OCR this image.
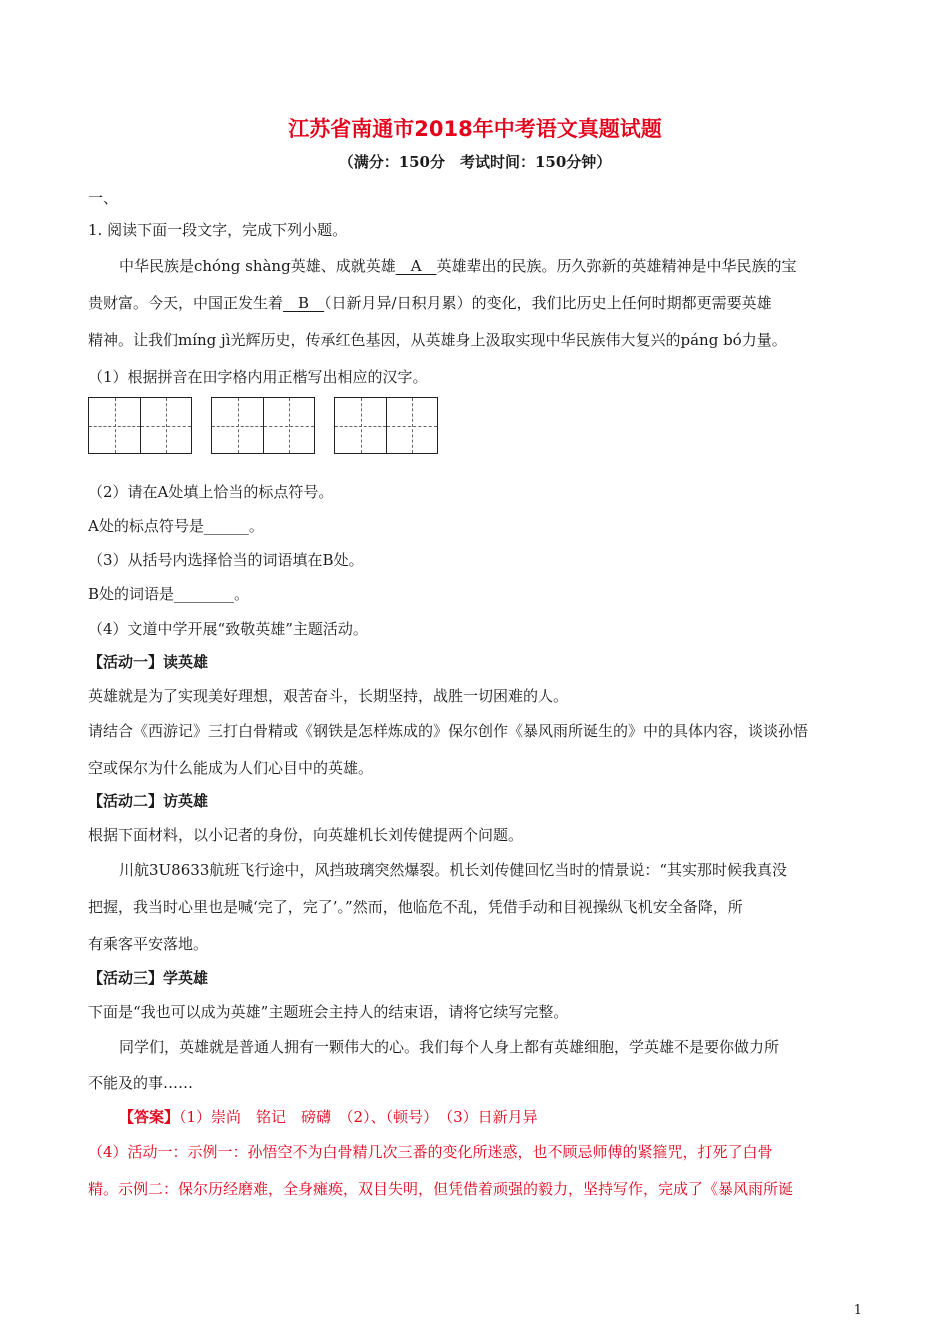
江苏省南通市2018年中考语文真题试题
（满分：150分　考试时间：150分钟）
一、
1. 阅读下面一段文字，完成下列小题。
中华民族是chóng shàng英雄、成就英雄　A　英雄辈出的民族。历久弥新的英雄精神是中华民族的宝
贵财富。今天，中国正发生着　B　（日新月异/日积月累）的变化，我们比历史上任何时期都更需要英雄
精神。让我们míng jì光辉历史，传承红色基因，从英雄身上汲取实现中华民族伟大复兴的páng bó力量。
（1）根据拼音在田字格内用正楷写出相应的汉字。
（2）请在A处填上恰当的标点符号。
A处的标点符号是______。
（3）从括号内选择恰当的词语填在B处。
B处的词语是________。
（4）文道中学开展“致敬英雄”主题活动。
【活动一】读英雄
英雄就是为了实现美好理想，艰苦奋斗，长期坚持，战胜一切困难的人。
请结合《西游记》三打白骨精或《钢铁是怎样炼成的》保尔创作《暴风雨所诞生的》中的具体内容，谈谈孙悟
空或保尔为什么能成为人们心目中的英雄。
【活动二】访英雄
根据下面材料，以小记者的身份，向英雄机长刘传健提两个问题。
川航3U8633航班飞行途中，风挡玻璃突然爆裂。机长刘传健回忆当时的情景说：“其实那时候我真没
把握，我当时心里也是喊‘完了，完了’。”然而，他临危不乱，凭借手动和目视操纵飞机安全备降，所
有乘客平安落地。
【活动三】学英雄
下面是“我也可以成为英雄”主题班会主持人的结束语，请将它续写完整。
同学们，英雄就是普通人拥有一颗伟大的心。我们每个人身上都有英雄细胞，学英雄不是要你做力所
不能及的事……
【答案】（1）崇尚　铭记　磅礴　（2）、（顿号）　（3）日新月异
（4）活动一：示例一：孙悟空不为白骨精几次三番的变化所迷惑，也不顾忌师傅的紧箍咒，打死了白骨
精。示例二：保尔历经磨难，全身瘫痪，双目失明，但凭借着顽强的毅力，坚持写作，完成了《暴风雨所诞
1
